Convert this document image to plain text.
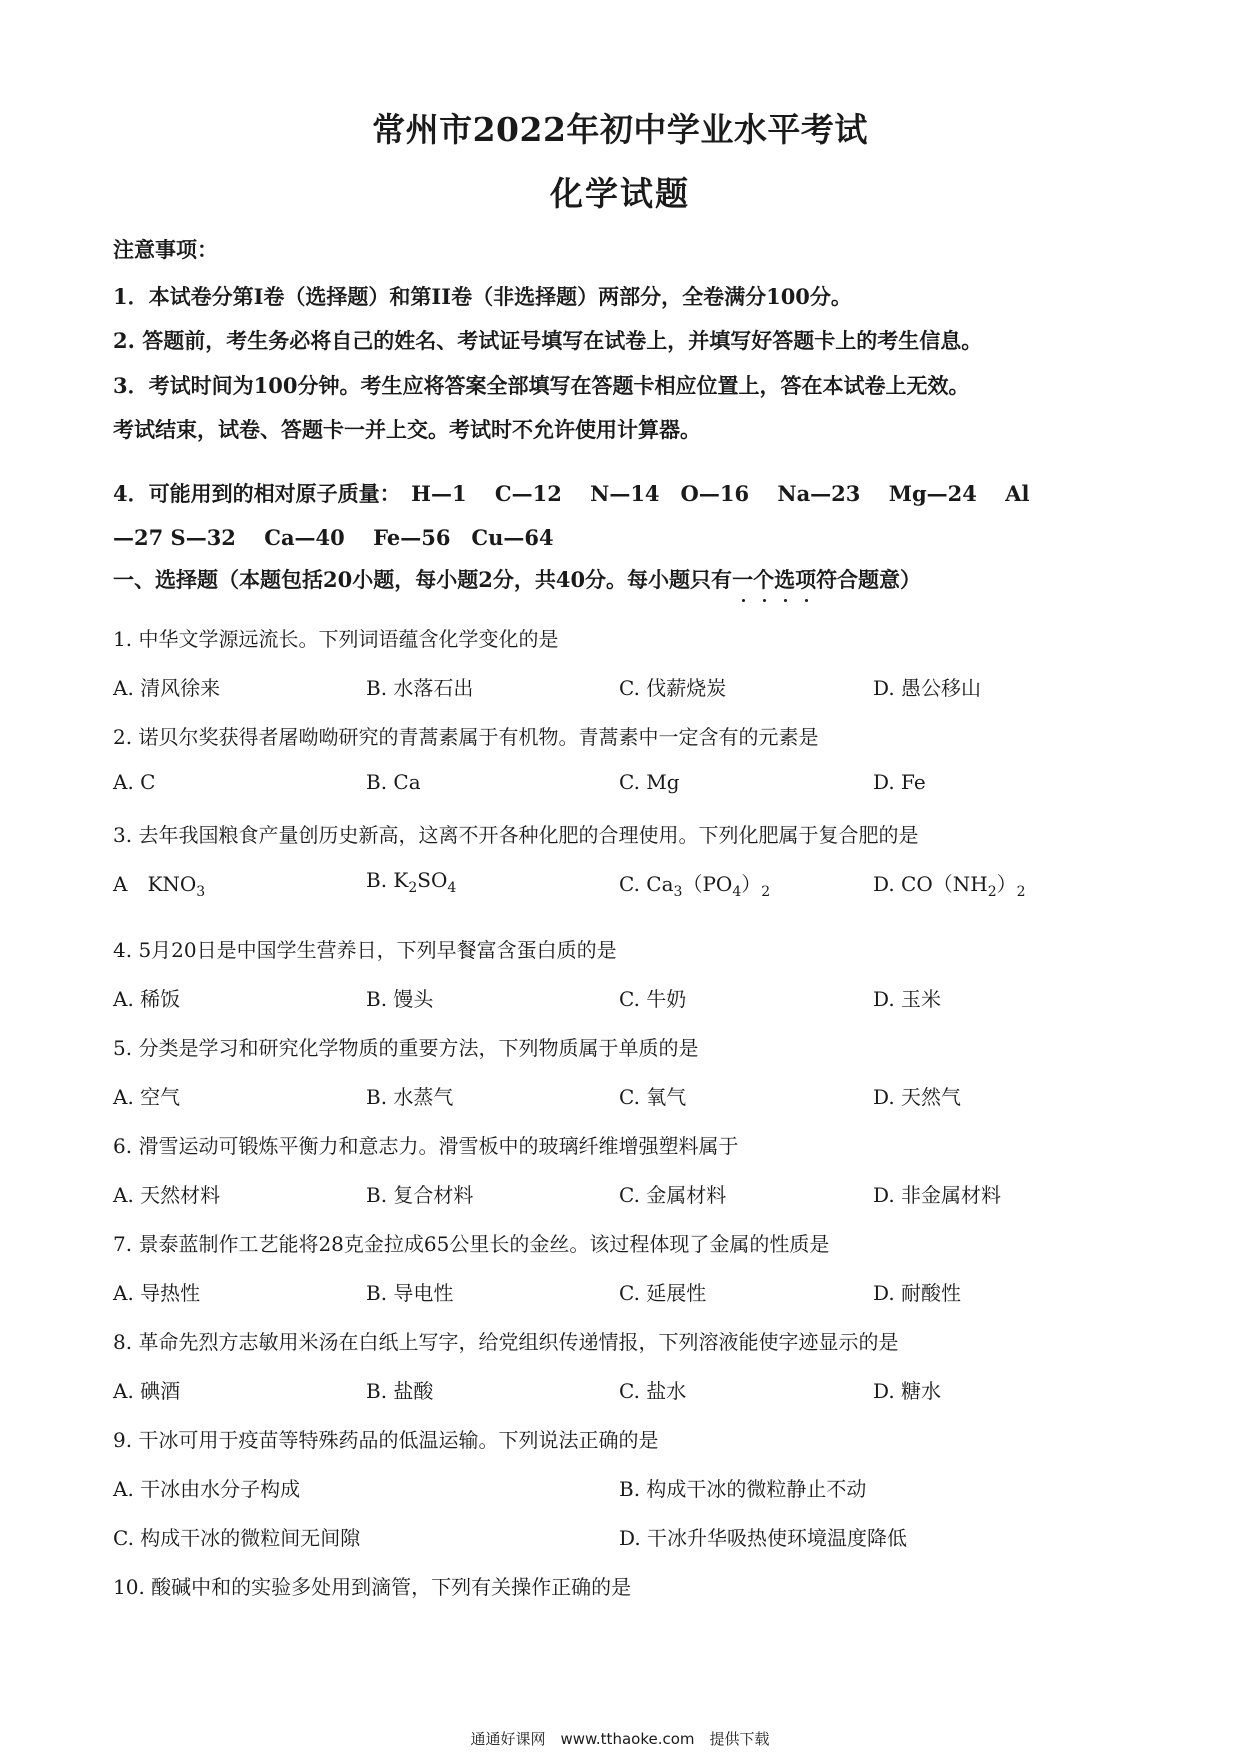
常州市2022年初中学业水平考试
化学试题
注意事项：
1．本试卷分第I卷（选择题）和第II卷（非选择题）两部分，全卷满分100分。
2. 答题前，考生务必将自己的姓名、考试证号填写在试卷上，并填写好答题卡上的考生信息。
3．考试时间为100分钟。考生应将答案全部填写在答题卡相应位置上，答在本试卷上无效。
考试结束，试卷、答题卡一并上交。考试时不允许使用计算器。
4．可能用到的相对原子质量：　H—1　 C—12　 N—14　O—16　 Na—23　 Mg—24　 Al
—27 S—32　 Ca—40　 Fe—56　Cu—64
一、选择题（本题包括20小题，每小题2分，共40分。每小题只有一个选项符合题意）
1. 中华文学源远流长。下列词语蕴含化学变化的是
A. 清风徐来	B. 水落石出	C. 伐薪烧炭	D. 愚公移山
2. 诺贝尔奖获得者屠呦呦研究的青蒿素属于有机物。青蒿素中一定含有的元素是
A. C	B. Ca	C. Mg	D. Fe
3. 去年我国粮食产量创历史新高，这离不开各种化肥的合理使用。下列化肥属于复合肥的是
A　$KNO_3$	B. $K_2SO_4$	C. $Ca_3(PO_4)_2$	D. $CO(NH_2)_2$
4. 5月20日是中国学生营养日，下列早餐富含蛋白质的是
A. 稀饭	B. 馒头	C. 牛奶	D. 玉米
5. 分类是学习和研究化学物质的重要方法，下列物质属于单质的是
A. 空气	B. 水蒸气	C. 氧气	D. 天然气
6. 滑雪运动可锻炼平衡力和意志力。滑雪板中的玻璃纤维增强塑料属于
A. 天然材料	B. 复合材料	C. 金属材料	D. 非金属材料
7. 景泰蓝制作工艺能将28克金拉成65公里长的金丝。该过程体现了金属的性质是
A. 导热性	B. 导电性	C. 延展性	D. 耐酸性
8. 革命先烈方志敏用米汤在白纸上写字，给党组织传递情报，下列溶液能使字迹显示的是
A. 碘酒	B. 盐酸	C. 盐水	D. 糖水
9. 干冰可用于疫苗等特殊药品的低温运输。下列说法正确的是
A. 干冰由水分子构成	B. 构成干冰的微粒静止不动
C. 构成干冰的微粒间无间隙	D. 干冰升华吸热使环境温度降低
10. 酸碱中和的实验多处用到滴管，下列有关操作正确的是
通通好课网　www.tthaoke.com　提供下载
